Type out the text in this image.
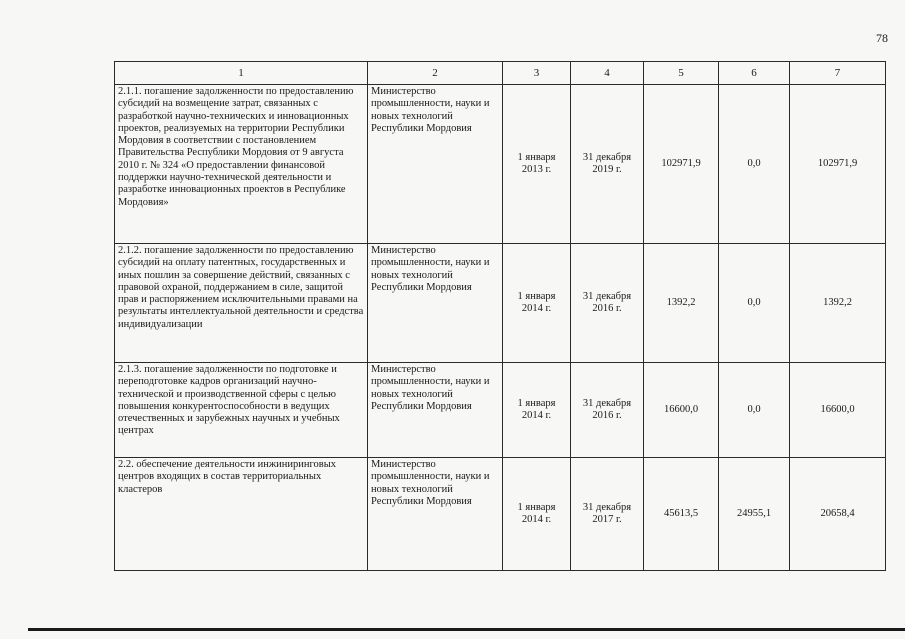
78
1	2	3	4	5	6	7
2.1.1. погашение задолженности по предоставлению субсидий на возмещение затрат, связанных с разработкой научно-технических и инновационных проектов, реализуемых на территории Республики Мордовия в соответствии с постановлением Правительства Республики Мордовия от 9 августа 2010 г. № 324 «О предоставлении финансовой поддержки научно-технической деятельности и разработке инновационных проектов в Республике Мордовия»	Министерство промышленности, науки и новых технологий Республики Мордовия	1 января 2013 г.	31 декабря 2019 г.	102971,9	0,0	102971,9
2.1.2. погашение задолженности по предоставлению субсидий на оплату патентных, государственных и иных пошлин за совершение действий, связанных с правовой охраной, поддержанием в силе, защитой прав и распоряжением исключительными правами на результаты интеллектуальной деятельности и средства индивидуализации	Министерство промышленности, науки и новых технологий Республики Мордовия	1 января 2014 г.	31 декабря 2016 г.	1392,2	0,0	1392,2
2.1.3. погашение задолженности по подготовке и переподготовке кадров организаций научно-технической и производственной сферы с целью повышения конкурентоспособности в ведущих отечественных и зарубежных научных и учебных центрах	Министерство промышленности, науки и новых технологий Республики Мордовия	1 января 2014 г.	31 декабря 2016 г.	16600,0	0,0	16600,0
2.2. обеспечение деятельности инжиниринговых центров входящих в состав территориальных кластеров	Министерство промышленности, науки и новых технологий Республики Мордовия	1 января 2014 г.	31 декабря 2017 г.	45613,5	24955,1	20658,4
